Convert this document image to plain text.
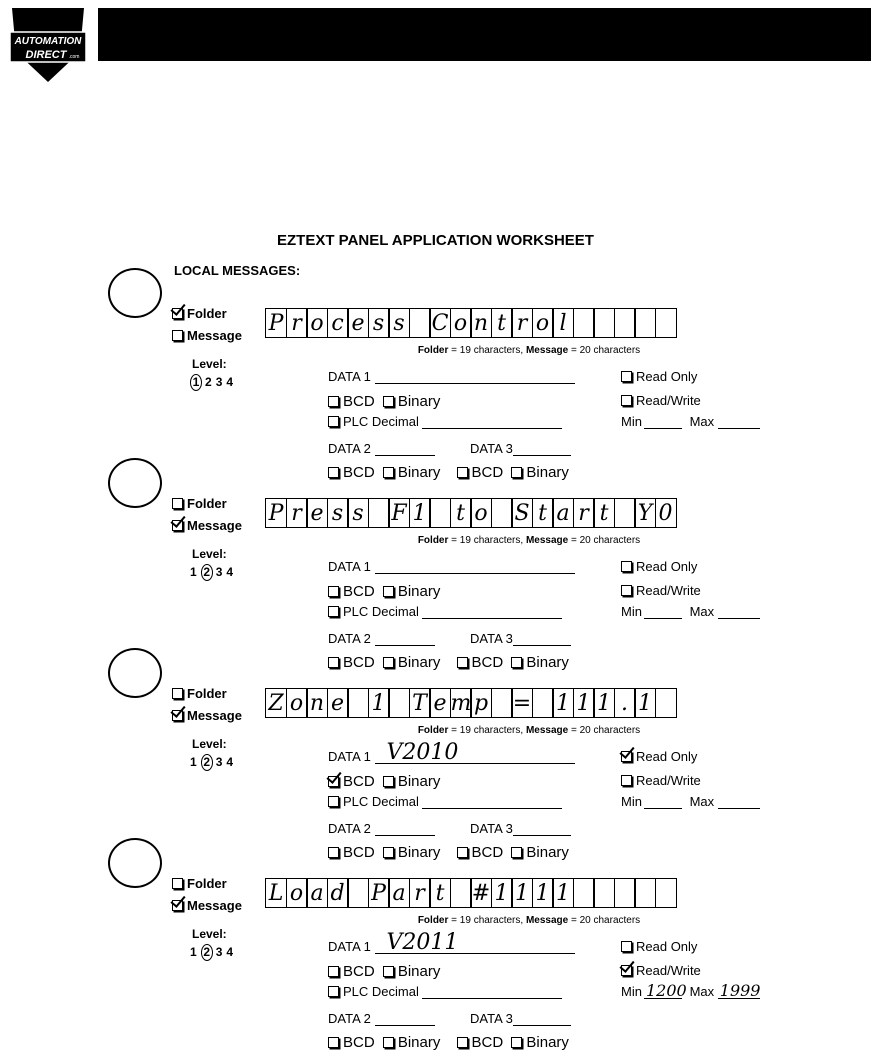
AUTOMATION
DIRECT .com
EZTEXT PANEL APPLICATION WORKSHEET
LOCAL MESSAGES:
Folder
Message
Level:
1 234
P r o c e s s C o n t r o l
Folder = 19 characters, Message = 20 characters
DATA 1	Read Only
Read/Write
BCD Binary
PLC Decimal	Min	Max
DATA 2	DATA 3
BCD Binary BCD Binary
Folder
Message
Level:
1 2 34
P r e s s F 1 t o S t a r t Y 0
Folder = 19 characters, Message = 20 characters
DATA 1	Read Only
Read/Write
BCD Binary
PLC Decimal	Min	Max
DATA 2	DATA 3
BCD Binary BCD Binary
Folder
Message
Level:
1 2 34
Z o n e 1 T e m p = 1 1 1 . 1
Folder = 19 characters, Message = 20 characters
DATA 1 V2010	Read Only
Read/Write
BCD Binary
PLC Decimal	Min	Max
DATA 2	DATA 3
BCD Binary BCD Binary
Folder
Message
Level:
1 2 34
L o a d P a r t # 1 1 1 1
Folder = 19 characters, Message = 20 characters
DATA 1 V2011	Read Only
Read/Write
BCD Binary
PLC Decimal	Min 1200 Max 1999
DATA 2	DATA 3
BCD Binary BCD Binary
